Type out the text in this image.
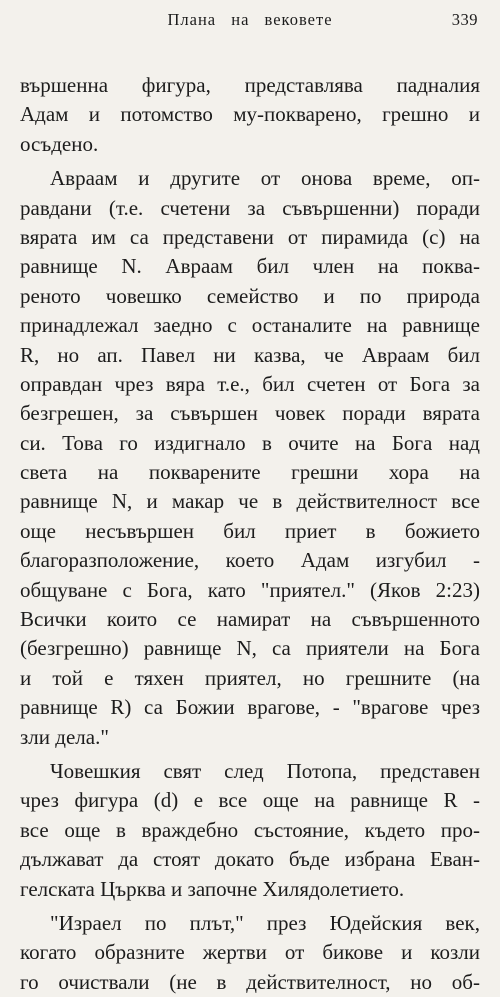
Плана на вековете	339
вършенна фигура, представлява падналия
Адам и потомство му-покварено, грешно и
осъдено.
Авраам и другите от онова време, оп-
равдани (т.е. счетени за съвършенни) поради
вярата им са представени от пирамида (c) на
равнище N. Авраам бил член на поква-
реното човешко семейство и по природа
принадлежал заедно с останалите на равнище
R, но ап. Павел ни казва, че Авраам бил
оправдан чрез вяра т.е., бил счетен от Бога за
безгрешен, за съвършен човек поради вярата
си. Това го издигнало в очите на Бога над
света на покварените грешни хора на
равнище N, и макар че в действителност все
още несъвършен бил приет в божието
благоразположение, което Адам изгубил -
общуване с Бога, като "приятел." (Яков 2:23)
Всички които се намират на съвършенното
(безгрешно) равнище N, са приятели на Бога
и той е тяхен приятел, но грешните (на
равнище R) са Божии врагове, - "врагове чрез
зли дела."
Човешкия свят след Потопа, представен
чрез фигура (d) е все още на равнище R -
все още в враждебно състояние, където про-
дължават да стоят докато бъде избрана Еван-
гелската Църква и започне Хилядолетието.
"Израел по плът," през Юдейския век,
когато образните жертви от бикове и козли
го очиствали (не в действителност, но об-
